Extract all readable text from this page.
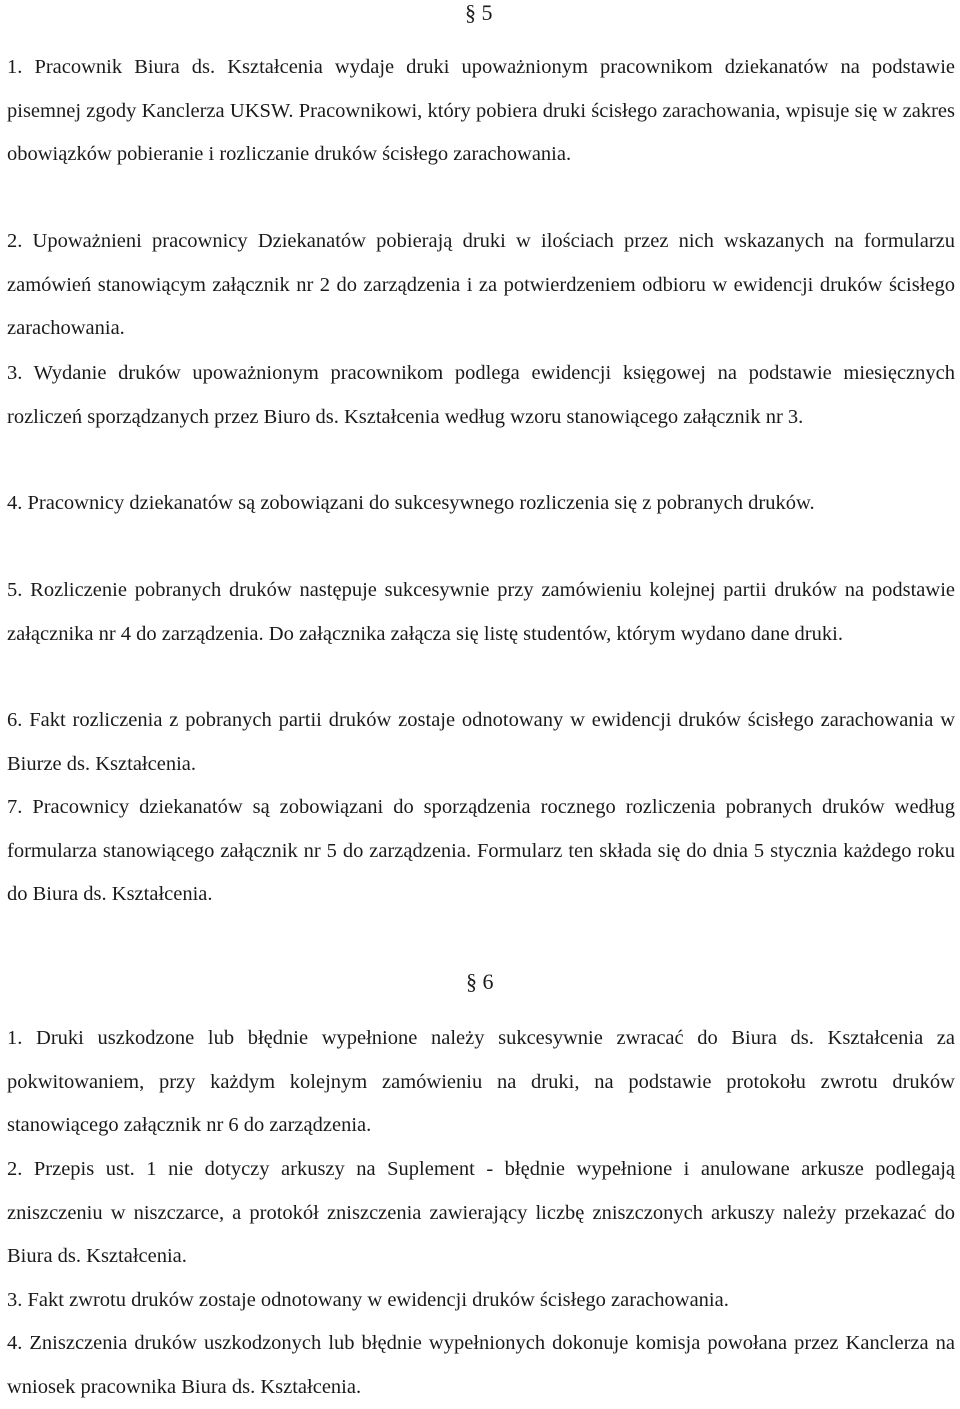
§ 5

1. Pracownik Biura ds. Kształcenia wydaje druki upoważnionym pracownikom dziekanatów na podstawie pisemnej zgody Kanclerza UKSW. Pracownikowi, który pobiera druki ścisłego zarachowania, wpisuje się w zakres obowiązków pobieranie i rozliczanie druków ścisłego zarachowania.

2. Upoważnieni pracownicy Dziekanatów pobierają druki w ilościach przez nich wskazanych na formularzu zamówień stanowiącym załącznik nr 2 do zarządzenia i za potwierdzeniem odbioru w ewidencji druków ścisłego zarachowania.

3. Wydanie druków upoważnionym pracownikom podlega ewidencji księgowej na podstawie miesięcznych rozliczeń sporządzanych przez Biuro ds. Kształcenia według wzoru stanowiącego załącznik nr 3.

4. Pracownicy dziekanatów są zobowiązani do sukcesywnego rozliczenia się z pobranych druków.

5. Rozliczenie pobranych druków następuje sukcesywnie przy zamówieniu kolejnej partii druków na podstawie załącznika nr 4 do zarządzenia. Do załącznika załącza się listę studentów, którym wydano dane druki.

6. Fakt rozliczenia z pobranych partii druków zostaje odnotowany w ewidencji druków ścisłego zarachowania w Biurze ds. Kształcenia.

7. Pracownicy dziekanatów są zobowiązani do sporządzenia rocznego rozliczenia pobranych druków według formularza stanowiącego załącznik nr 5 do zarządzenia. Formularz ten składa się do dnia 5 stycznia każdego roku do Biura ds. Kształcenia.

§ 6

1. Druki uszkodzone lub błędnie wypełnione należy sukcesywnie zwracać do Biura ds. Kształcenia za pokwitowaniem, przy każdym kolejnym zamówieniu na druki, na podstawie protokołu zwrotu druków stanowiącego załącznik nr 6 do zarządzenia.

2. Przepis ust. 1 nie dotyczy arkuszy na Suplement - błędnie wypełnione i anulowane arkusze podlegają zniszczeniu w niszczarce, a protokół zniszczenia zawierający liczbę zniszczonych arkuszy należy przekazać do Biura ds. Kształcenia.

3. Fakt zwrotu druków zostaje odnotowany w ewidencji druków ścisłego zarachowania.

4. Zniszczenia druków uszkodzonych lub błędnie wypełnionych dokonuje komisja powołana przez Kanclerza na wniosek pracownika Biura ds. Kształcenia.
